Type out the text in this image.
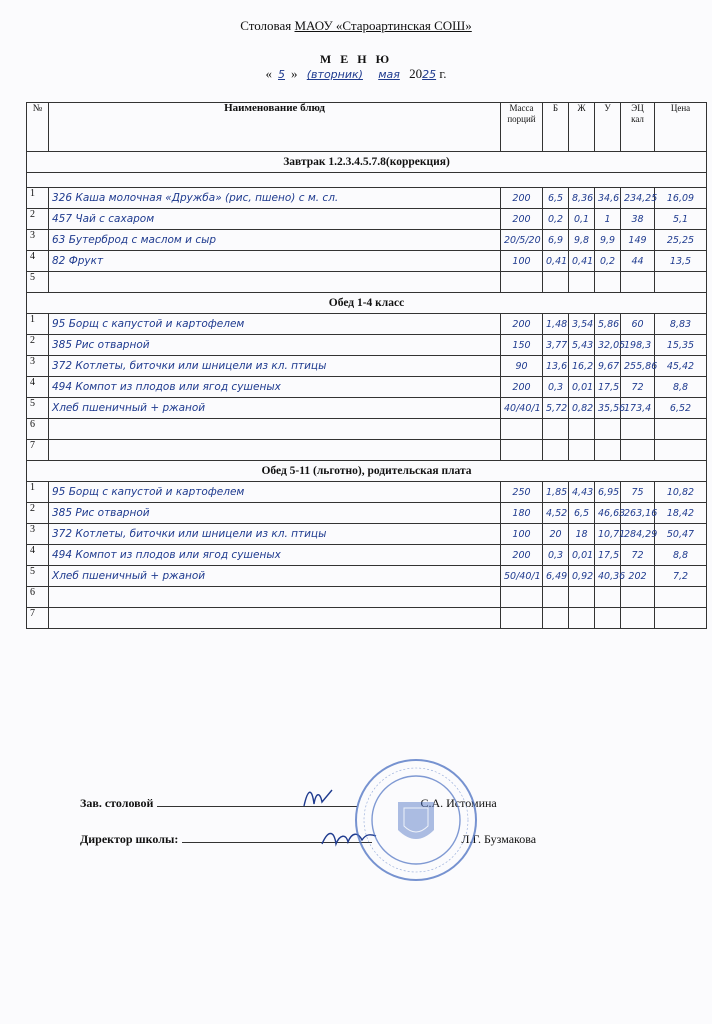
Столовая МАОУ «Староартинская СОШ»
М Е Н Ю
« 5 » (вторник) мая 2025 г.
№	Наименование блюд	Масса порций	Б	Ж	У	ЭЦ кал	Цена
Завтрак 1.2.3.4.5.7.8(коррекция)							

1	326 Каша молочная «Дружба» (рис, пшено) с м. сл.	200	6,5	8,36	34,6	234,25	16,09
2	457 Чай с сахаром	200	0,2	0,1	1	38	5,1
3	63 Бутерброд с маслом и сыр	20/5/20	6,9	9,8	9,9	149	25,25
4	82 Фрукт	100	0,41	0,41	0,2	44	13,5
5							
Обед 1-4 класс							
1	95 Борщ с капустой и картофелем	200	1,48	3,54	5,86	60	8,83
2	385 Рис отварной	150	3,77	5,43	32,05	198,3	15,35
3	372 Котлеты, биточки или шницели из кл. птицы	90	13,6	16,2	9,67	255,86	45,42
4	494 Компот из плодов или ягод сушеных	200	0,3	0,01	17,5	72	8,8
5	Хлеб пшеничный + ржаной	40/40/1	5,72	0,82	35,56	173,4	6,52
6							
7							
Обед 5-11 (льготно), родительская плата							
1	95 Борщ с капустой и картофелем	250	1,85	4,43	6,95	75	10,82
2	385 Рис отварной	180	4,52	6,5	46,63	263,16	18,42
3	372 Котлеты, биточки или шницели из кл. птицы	100	20	18	10,71	284,29	50,47
4	494 Компот из плодов или ягод сушеных	200	0,3	0,01	17,5	72	8,8
5	Хлеб пшеничный + ржаной	50/40/1	6,49	0,92	40,36	202	7,2
6							
7							
Зав. столовой	С.А. Истомина
Директор школы:	Л.Г. Бузмакова
